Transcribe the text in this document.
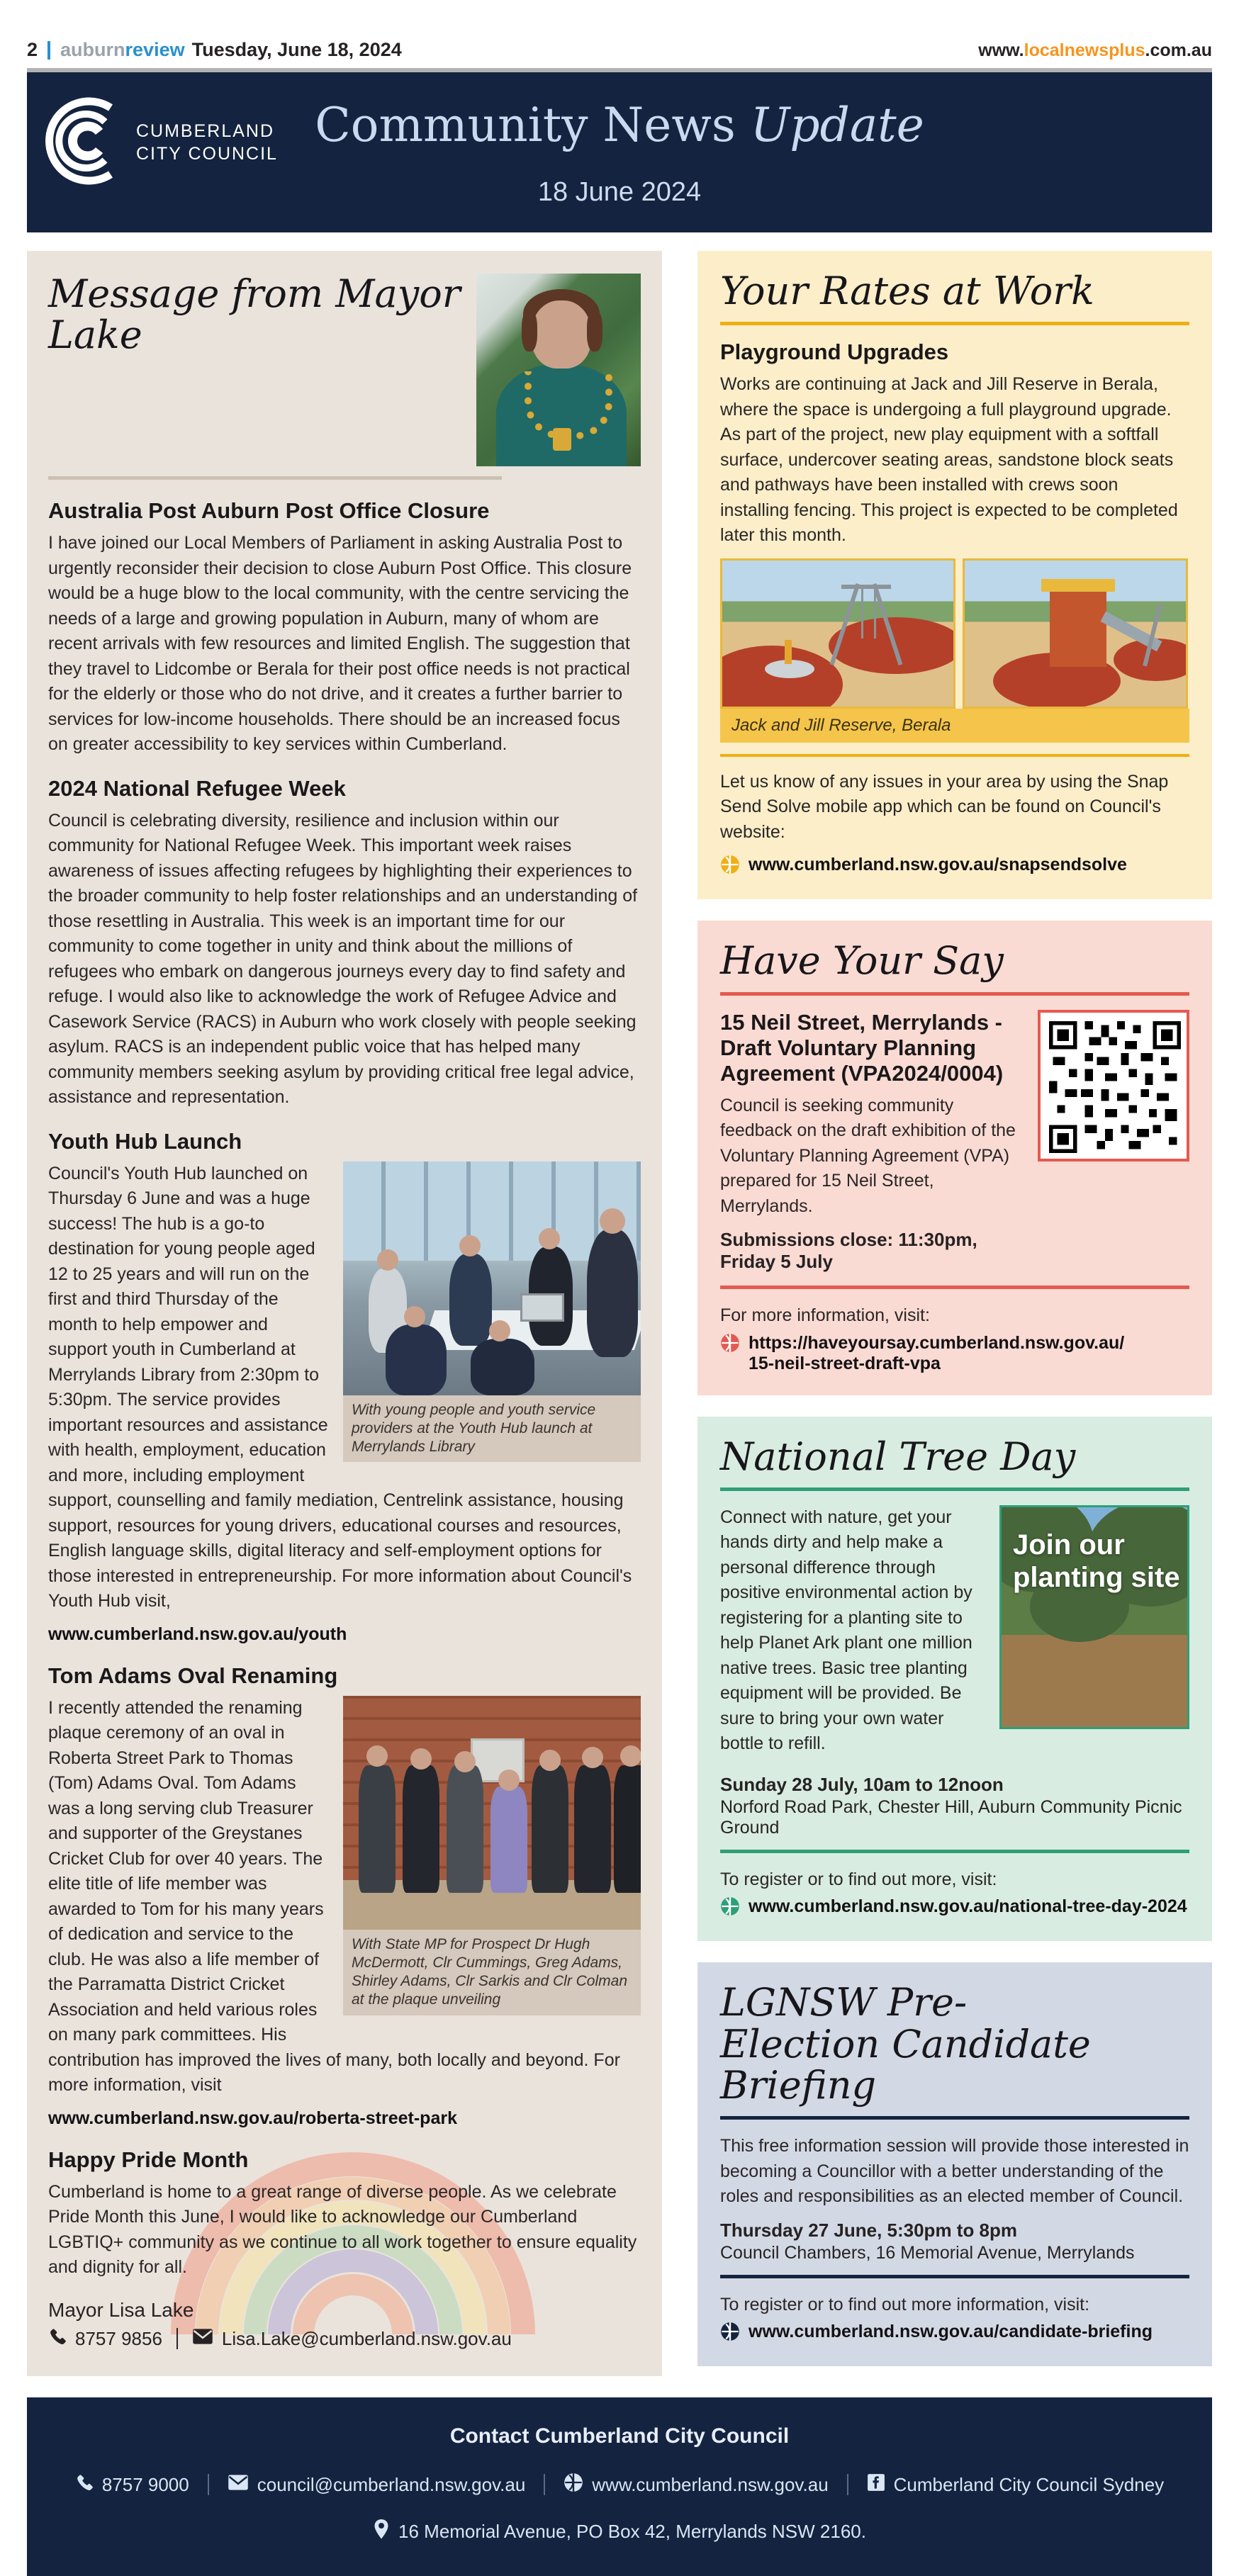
2 auburnreview Tuesday, June 18, 2024	www.localnewsplus.com.au
CUMBERLAND
CITY COUNCIL
Community News Update
18 June 2024
Message from Mayor Lake
Australia Post Auburn Post Office Closure

I have joined our Local Members of Parliament in asking Australia Post to urgently reconsider their decision to close Auburn Post Office. This closure would be a huge blow to the local community, with the centre servicing the needs of a large and growing population in Auburn, many of whom are recent arrivals with few resources and limited English. The suggestion that they travel to Lidcombe or Berala for their post office needs is not practical for the elderly or those who do not drive, and it creates a further barrier to services for low-income households. There should be an increased focus on greater accessibility to key services within Cumberland.

2024 National Refugee Week

Council is celebrating diversity, resilience and inclusion within our community for National Refugee Week. This important week raises awareness of issues affecting refugees by highlighting their experiences to the broader community to help foster relationships and an understanding of those resettling in Australia. This week is an important time for our community to come together in unity and think about the millions of refugees who embark on dangerous journeys every day to find safety and refuge. I would also like to acknowledge the work of Refugee Advice and Casework Service (RACS) in Auburn who work closely with people seeking asylum. RACS is an independent public voice that has helped many community members seeking asylum by providing critical free legal advice, assistance and representation.

Youth Hub Launch
With young people and youth service providers at the Youth Hub launch at Merrylands Library

Council's Youth Hub launched on Thursday 6 June and was a huge success! The hub is a go-to destination for young people aged 12 to 25 years and will run on the first and third Thursday of the month to help empower and support youth in Cumberland at Merrylands Library from 2:30pm to 5:30pm. The service provides important resources and assistance with health, employment, education and more, including employment support, counselling and family mediation, Centrelink assistance, housing support, resources for young drivers, educational courses and resources, English language skills, digital literacy and self-employment options for those interested in entrepreneurship. For more information about Council's Youth Hub visit,

www.cumberland.nsw.gov.au/youth
Tom Adams Oval Renaming
With State MP for Prospect Dr Hugh McDermott, Clr Cummings, Greg Adams, Shirley Adams, Clr Sarkis and Clr Colman at the plaque unveiling

I recently attended the renaming plaque ceremony of an oval in Roberta Street Park to Thomas (Tom) Adams Oval. Tom Adams was a long serving club Treasurer and supporter of the Greystanes Cricket Club for over 40 years. The elite title of life member was awarded to Tom for his many years of dedication and service to the club. He was also a life member of the Parramatta District Cricket Association and held various roles on many park committees. His contribution has improved the lives of many, both locally and beyond. For more information, visit

www.cumberland.nsw.gov.au/roberta-street-park
Happy Pride Month

Cumberland is home to a great range of diverse people. As we celebrate Pride Month this June, I would like to acknowledge our Cumberland LGBTIQ+ community as we continue to all work together to ensure equality and dignity for all.

Mayor Lisa Lake
8757 9856	Lisa.Lake@cumberland.nsw.gov.au
Your Rates at Work
Playground Upgrades

Works are continuing at Jack and Jill Reserve in Berala, where the space is undergoing a full playground upgrade. As part of the project, new play equipment with a softfall surface, undercover seating areas, sandstone block seats and pathways have been installed with crews soon installing fencing. This project is expected to be completed later this month.

Jack and Jill Reserve, Berala

Let us know of any issues in your area by using the Snap Send Solve mobile app which can be found on Council's website:

www.cumberland.nsw.gov.au/snapsendsolve
Have Your Say
15 Neil Street, Merrylands - Draft Voluntary Planning Agreement (VPA2024/0004)

Council is seeking community feedback on the draft exhibition of the Voluntary Planning Agreement (VPA) prepared for 15 Neil Street, Merrylands.

Submissions close: 11:30pm, Friday 5 July

For more information, visit:

https://haveyoursay.cumberland.nsw.gov.au/
15-neil-street-draft-vpa
National Tree Day

Connect with nature, get your hands dirty and help make a personal difference through positive environmental action by registering for a planting site to help Planet Ark plant one million native trees. Basic tree planting equipment will be provided. Be sure to bring your own water bottle to refill.

Join our planting site
Sunday 28 July, 10am to 12noon
Norford Road Park, Chester Hill, Auburn Community Picnic Ground

To register or to find out more, visit:

www.cumberland.nsw.gov.au/national-tree-day-2024
LGNSW Pre-Election Candidate Briefing

This free information session will provide those interested in becoming a Councillor with a better understanding of the roles and responsibilities as an elected member of Council.

Thursday 27 June, 5:30pm to 8pm
Council Chambers, 16 Memorial Avenue, Merrylands

To register or to find out more information, visit:

www.cumberland.nsw.gov.au/candidate-briefing
Contact Cumberland City Council
8757 9000	council@cumberland.nsw.gov.au	www.cumberland.nsw.gov.au	Cumberland City Council Sydney
16 Memorial Avenue, PO Box 42, Merrylands NSW 2160.
